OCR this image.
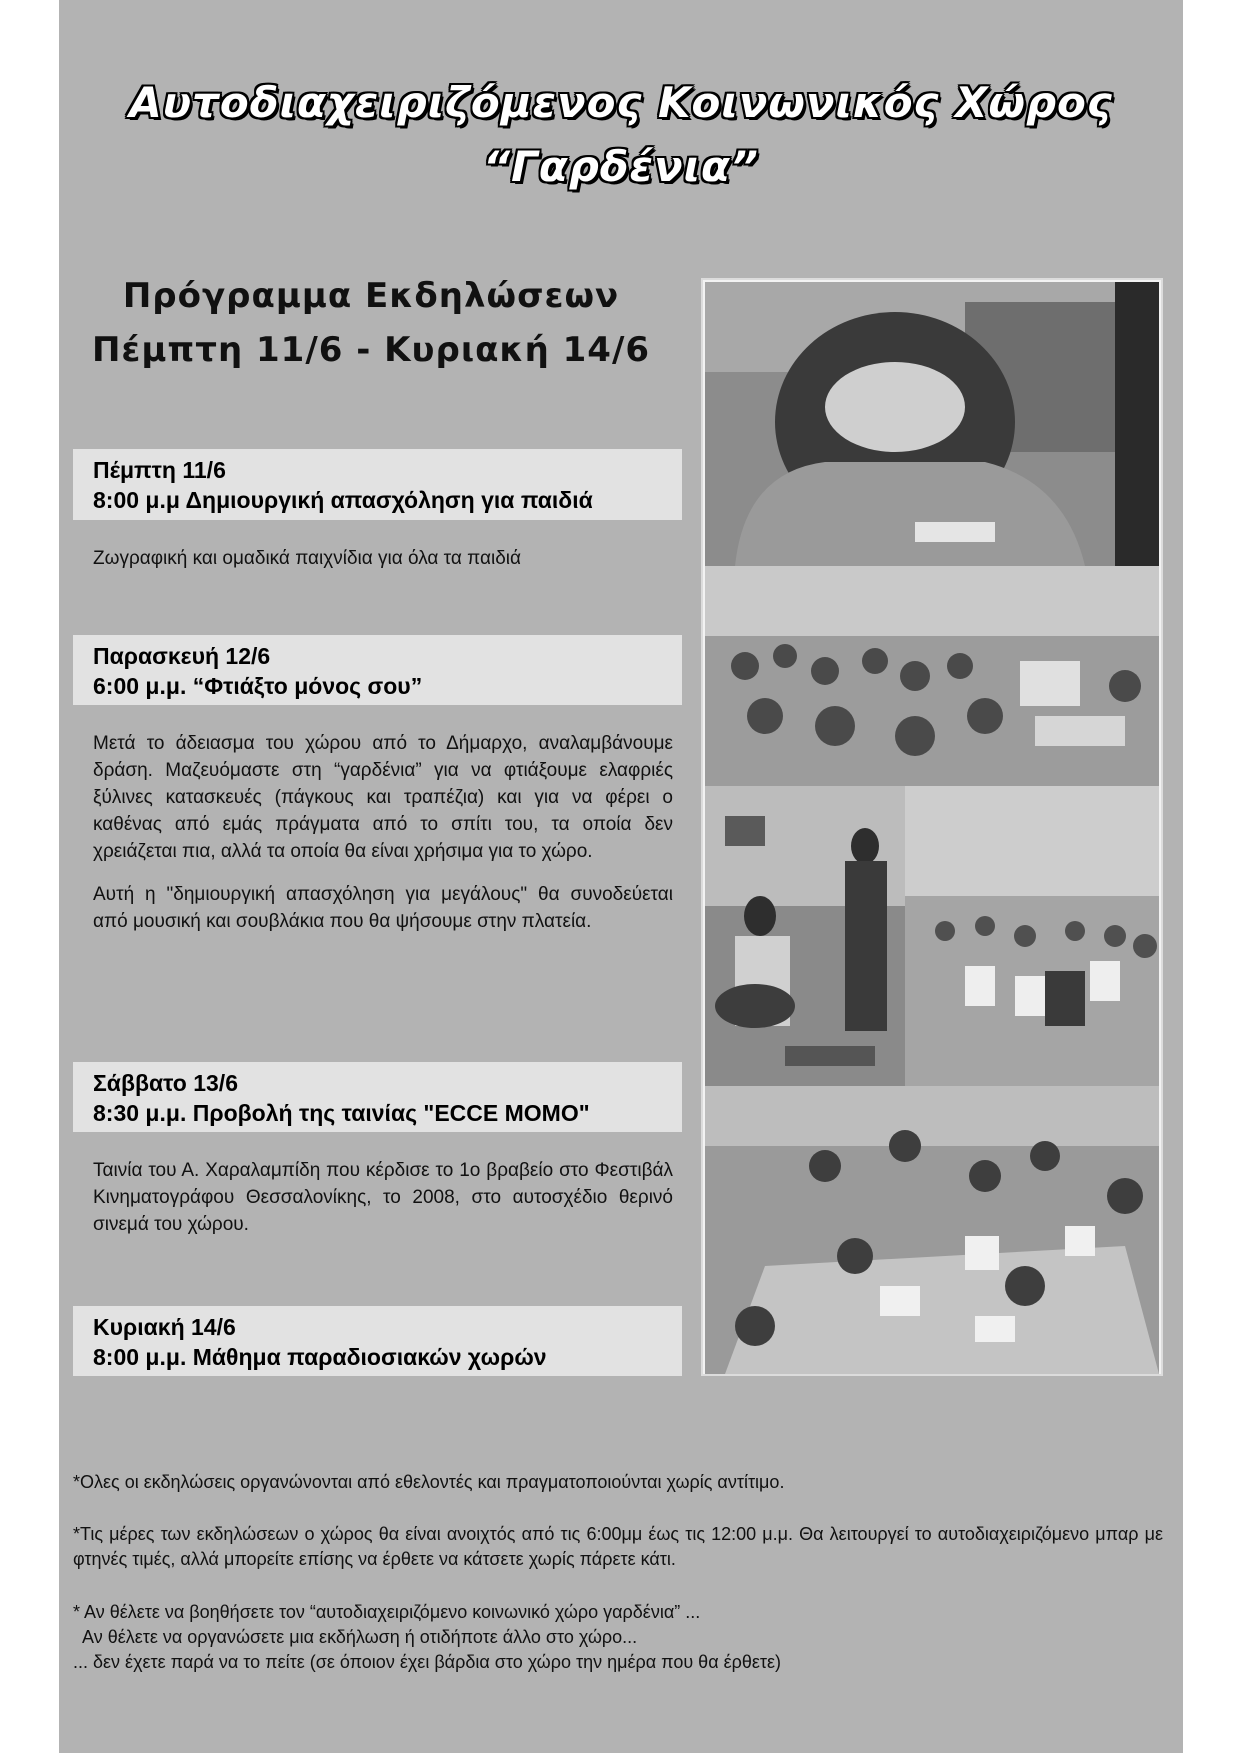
Αυτοδιαχειριζόμενος Κοινωνικός Χώρος
“Γαρδένια”
Πρόγραμμα Εκδηλώσεων
Πέμπτη 11/6 - Κυριακή 14/6
Πέμπτη 11/6
8:00 μ.μ Δημιουργική απασχόληση για παιδιά

Ζωγραφική και ομαδικά παιχνίδια για όλα τα παιδιά

Παρασκευή 12/6
6:00 μ.μ. “Φτιάξτο μόνος σου”

Μετά το άδειασμα του χώρου από το Δήμαρχο, αναλαμβάνουμε δράση. Μαζευόμαστε στη “γαρδένια” για να φτιάξουμε ελαφριές ξύλινες κατασκευές (πάγκους και τραπέζια) και για να φέρει ο καθένας από εμάς πράγματα από το σπίτι του, τα οποία δεν χρειάζεται πια, αλλά τα οποία θα είναι χρήσιμα για το χώρο.

Αυτή η "δημιουργική απασχόληση για μεγάλους" θα συνοδεύεται από μουσική και σουβλάκια που θα ψήσουμε στην πλατεία.

Σάββατο 13/6
8:30 μ.μ. Προβολή της ταινίας "ECCE MOMO"

Ταινία του Α. Χαραλαμπίδη που κέρδισε το 1ο βραβείο στο Φεστιβάλ Κινηματογράφου Θεσσαλονίκης, το 2008, στο αυτοσχέδιο θερινό σινεμά του χώρου.

Κυριακή 14/6
8:00 μ.μ. Μάθημα παραδιοσιακών χωρών
*Ολες οι εκδηλώσεις οργανώνονται από εθελοντές και πραγματοποιούνται χωρίς αντίτιμο.
*Τις μέρες των εκδηλώσεων ο χώρος θα είναι ανοιχτός από τις 6:00μμ έως τις 12:00 μ.μ. Θα λειτουργεί το αυτοδιαχειριζόμενο μπαρ με φτηνές τιμές, αλλά μπορείτε επίσης να έρθετε να κάτσετε χωρίς πάρετε κάτι.
* Αν θέλετε να βοηθήσετε τον “αυτοδιαχειριζόμενο κοινωνικό χώρο γαρδένια” ...
Αν θέλετε να οργανώσετε μια εκδήλωση ή οτιδήποτε άλλο στο χώρο...
... δεν έχετε παρά να το πείτε (σε όποιον έχει βάρδια στο χώρο την ημέρα που θα έρθετε)
